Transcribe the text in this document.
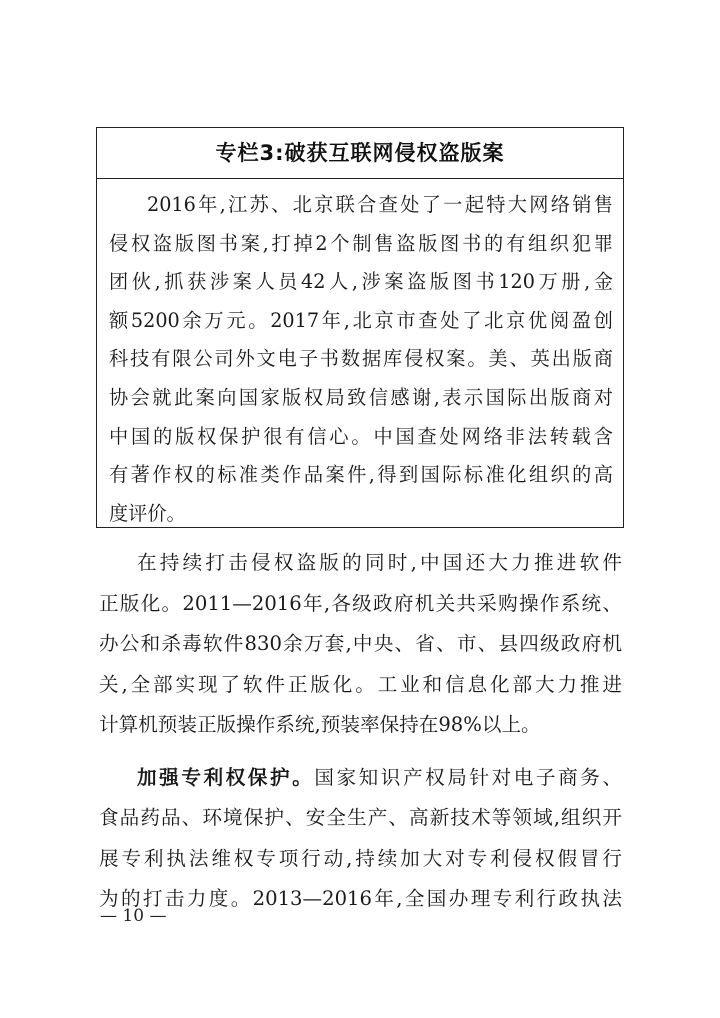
专栏3:破获互联网侵权盗版案
2016年,江苏、北京联合查处了一起特大网络销售
侵权盗版图书案,打掉2个制售盗版图书的有组织犯罪
团伙,抓获涉案人员42人,涉案盗版图书120万册,金
额5200余万元。2017年,北京市查处了北京优阅盈创
科技有限公司外文电子书数据库侵权案。美、英出版商
协会就此案向国家版权局致信感谢,表示国际出版商对
中国的版权保护很有信心。中国查处网络非法转载含
有著作权的标准类作品案件,得到国际标准化组织的高
度评价。
在持续打击侵权盗版的同时,中国还大力推进软件
正版化。2011—2016年,各级政府机关共采购操作系统、
办公和杀毒软件830余万套,中央、省、市、县四级政府机
关,全部实现了软件正版化。工业和信息化部大力推进
计算机预装正版操作系统,预装率保持在98%以上。
加强专利权保护。国家知识产权局针对电子商务、
食品药品、环境保护、安全生产、高新技术等领域,组织开
展专利执法维权专项行动,持续加大对专利侵权假冒行
为的打击力度。2013—2016年,全国办理专利行政执法
— 10 —
